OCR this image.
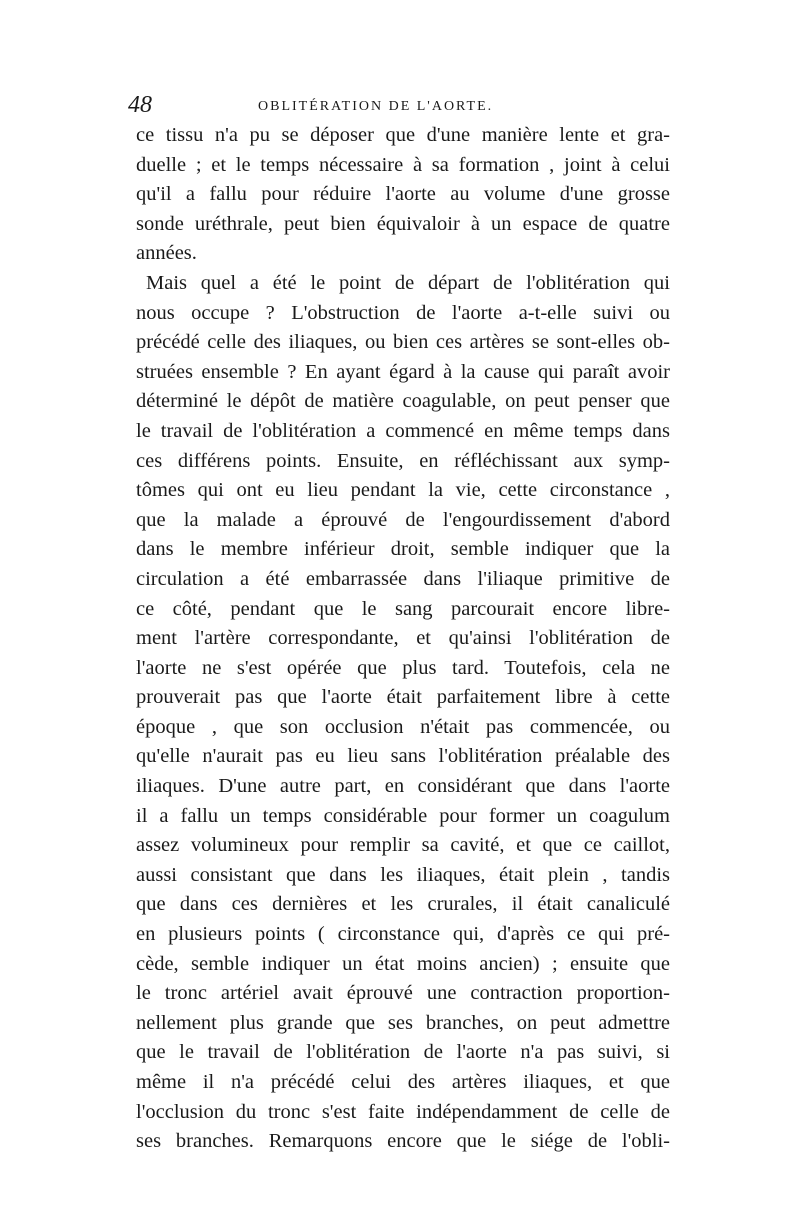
48	OBLITÉRATION DE L'AORTE.
ce tissu n'a pu se déposer que d'une manière lente et gra-
duelle ; et le temps nécessaire à sa formation , joint à celui
qu'il a fallu pour réduire l'aorte au volume d'une grosse
sonde uréthrale, peut bien équivaloir à un espace de quatre
années.
Mais quel a été le point de départ de l'oblitération qui
nous occupe ? L'obstruction de l'aorte a-t-elle suivi ou
précédé celle des iliaques, ou bien ces artères se sont-elles ob-
struées ensemble ? En ayant égard à la cause qui paraît avoir
déterminé le dépôt de matière coagulable, on peut penser que
le travail de l'oblitération a commencé en même temps dans
ces différens points. Ensuite, en réfléchissant aux symp-
tômes qui ont eu lieu pendant la vie, cette circonstance ,
que la malade a éprouvé de l'engourdissement d'abord
dans le membre inférieur droit, semble indiquer que la
circulation a été embarrassée dans l'iliaque primitive de
ce côté, pendant que le sang parcourait encore libre-
ment l'artère correspondante, et qu'ainsi l'oblitération de
l'aorte ne s'est opérée que plus tard. Toutefois, cela ne
prouverait pas que l'aorte était parfaitement libre à cette
époque , que son occlusion n'était pas commencée, ou
qu'elle n'aurait pas eu lieu sans l'oblitération préalable des
iliaques. D'une autre part, en considérant que dans l'aorte
il a fallu un temps considérable pour former un coagulum
assez volumineux pour remplir sa cavité, et que ce caillot,
aussi consistant que dans les iliaques, était plein , tandis
que dans ces dernières et les crurales, il était canaliculé
en plusieurs points ( circonstance qui, d'après ce qui pré-
cède, semble indiquer un état moins ancien) ; ensuite que
le tronc artériel avait éprouvé une contraction proportion-
nellement plus grande que ses branches, on peut admettre
que le travail de l'oblitération de l'aorte n'a pas suivi, si
même il n'a précédé celui des artères iliaques, et que
l'occlusion du tronc s'est faite indépendamment de celle de
ses branches. Remarquons encore que le siége de l'obli-
